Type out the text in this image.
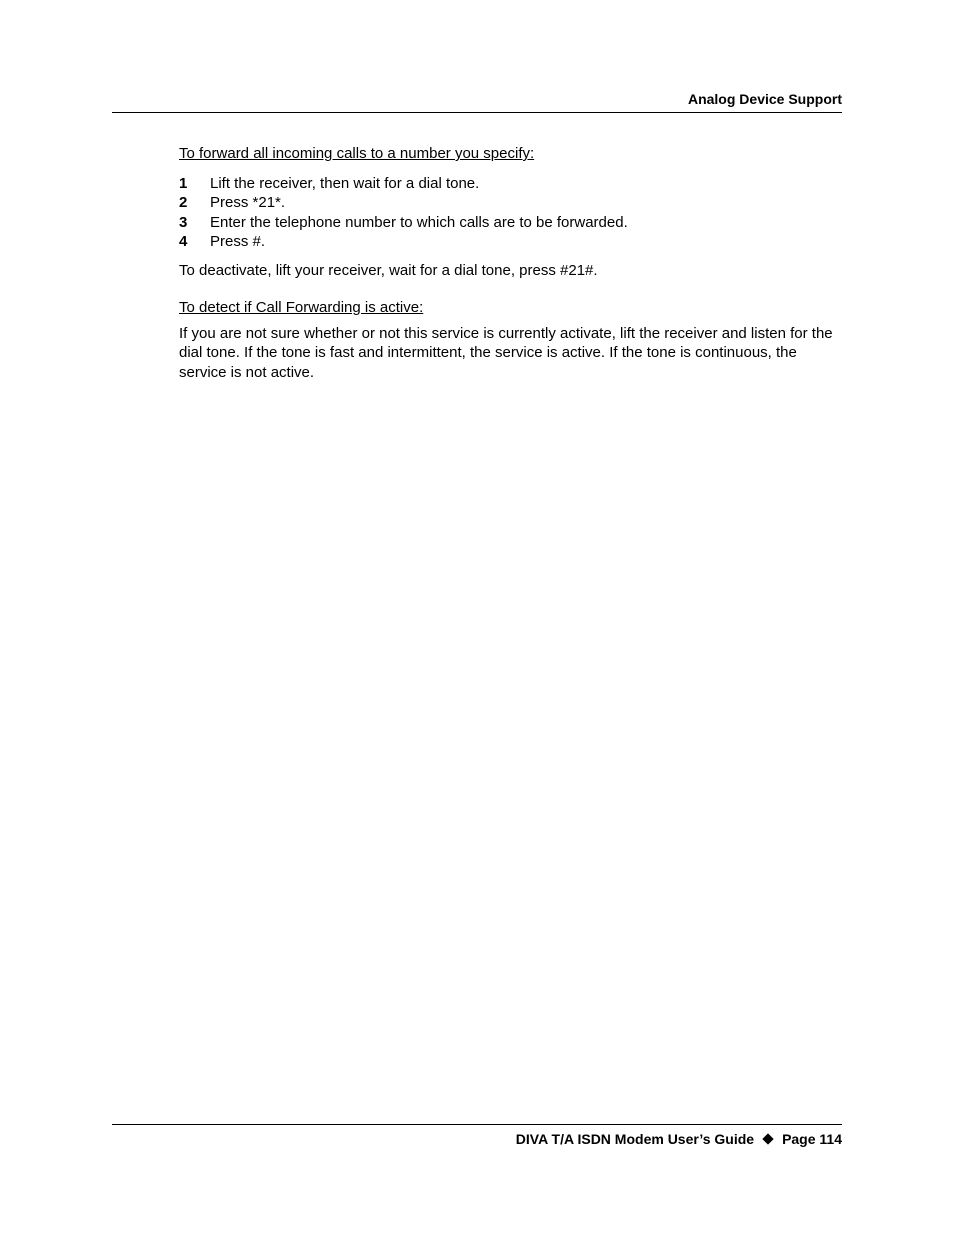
Analog Device Support

To forward all incoming calls to a number you specify:

1	Lift the receiver, then wait for a dial tone.
2	Press *21*.
3	Enter the telephone number to which calls are to be forwarded.
4	Press #.

To deactivate, lift your receiver, wait for a dial tone, press #21#.

To detect if Call Forwarding is active:

If you are not sure whether or not this service is currently activate, lift the receiver and listen for the dial tone. If the tone is fast and intermittent, the service is active. If the tone is continuous, the service is not active.

DIVA T/A ISDN Modem User’s Guide Page 114
